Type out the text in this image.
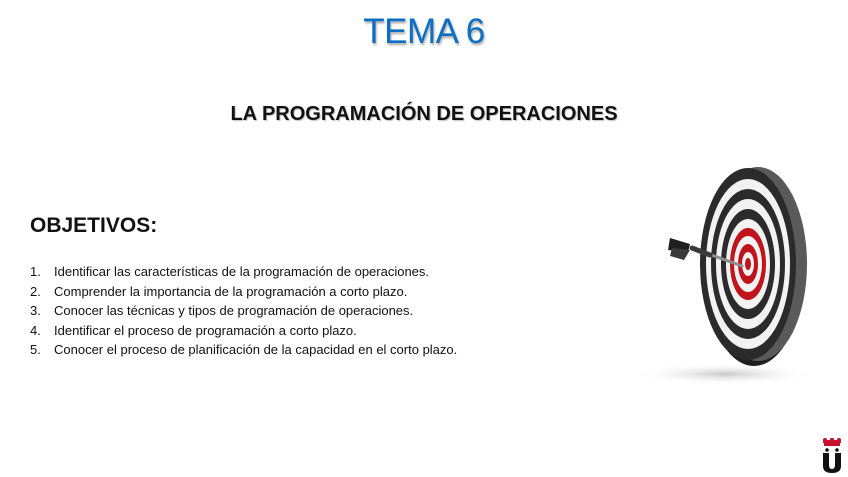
TEMA 6
LA PROGRAMACIÓN DE OPERACIONES
OBJETIVOS:
1. Identificar las características de la programación de operaciones.
2. Comprender la importancia de la programación a corto plazo.
3. Conocer las técnicas y tipos de programación de operaciones.
4. Identificar el proceso de programación a corto plazo.
5. Conocer el proceso de planificación de la capacidad en el corto plazo.
